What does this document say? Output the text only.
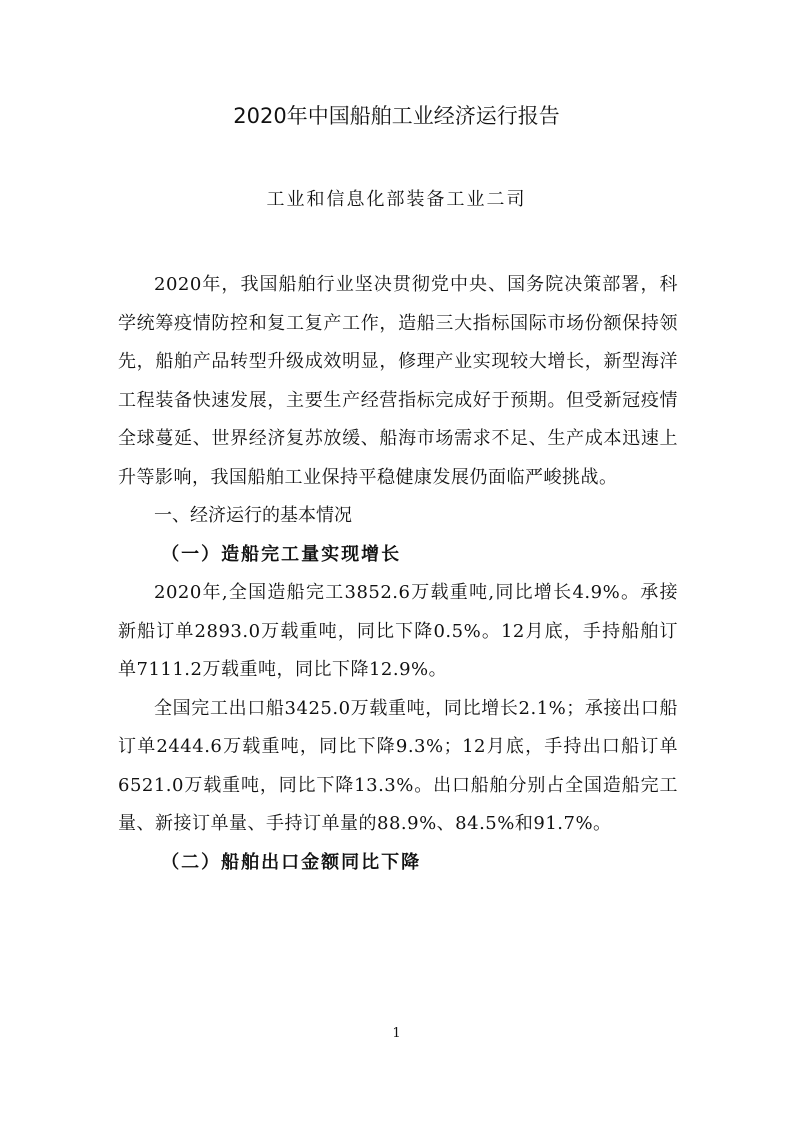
2020年中国船舶工业经济运行报告
工业和信息化部装备工业二司

2020年，我国船舶行业坚决贯彻党中央、国务院决策部署，科学统筹疫情防控和复工复产工作，造船三大指标国际市场份额保持领先，船舶产品转型升级成效明显，修理产业实现较大增长，新型海洋工程装备快速发展，主要生产经营指标完成好于预期。但受新冠疫情全球蔓延、世界经济复苏放缓、船海市场需求不足、生产成本迅速上升等影响，我国船舶工业保持平稳健康发展仍面临严峻挑战。

一、经济运行的基本情况
（一）造船完工量实现增长

2020年,全国造船完工3852.6万载重吨,同比增长4.9%。承接新船订单2893.0万载重吨，同比下降0.5%。12月底，手持船舶订单7111.2万载重吨，同比下降12.9%。

全国完工出口船3425.0万载重吨，同比增长2.1%；承接出口船订单2444.6万载重吨，同比下降9.3%；12月底，手持出口船订单6521.0万载重吨，同比下降13.3%。出口船舶分别占全国造船完工量、新接订单量、手持订单量的88.9%、84.5%和91.7%。

（二）船舶出口金额同比下降
1
